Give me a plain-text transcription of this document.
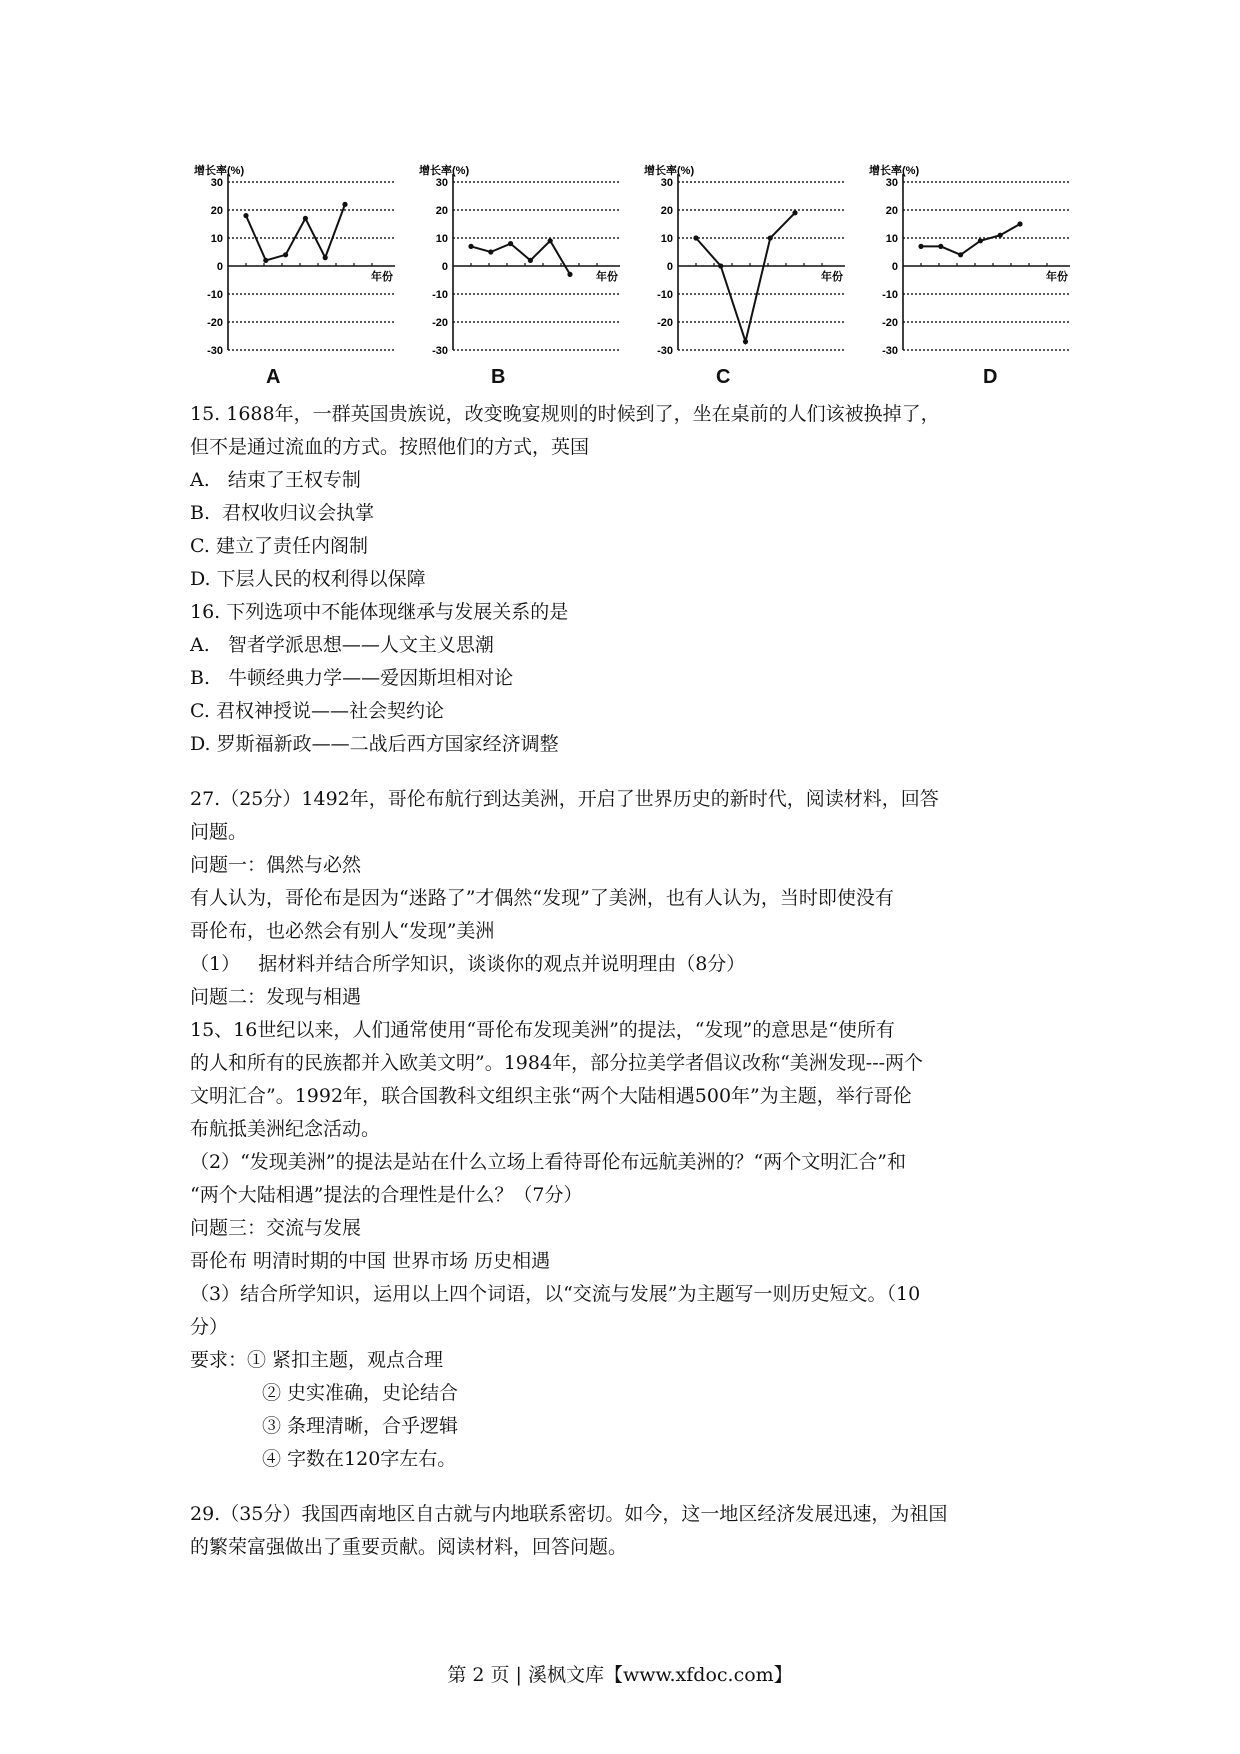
增长率(%)
30
20
10
0
-10
-20
-30
年份
A
增长率(%)
30
20
10
0
-10
-20
-30
年份
B
增长率(%)
30
20
10
0
-10
-20
-30
年份
C
增长率(%)
30
20
10
0
-10
-20
-30
年份
D
15. 1688年，一群英国贵族说，改变晚宴规则的时候到了，坐在桌前的人们该被换掉了，
但不是通过流血的方式。按照他们的方式，英国
A.   结束了王权专制
B.  君权收归议会执掌
C. 建立了责任内阁制
D. 下层人民的权利得以保障
16. 下列选项中不能体现继承与发展关系的是
A.   智者学派思想——人文主义思潮
B.   牛顿经典力学——爱因斯坦相对论
C. 君权神授说——社会契约论
D. 罗斯福新政——二战后西方国家经济调整
27.（25分）1492年，哥伦布航行到达美洲，开启了世界历史的新时代，阅读材料，回答
问题。
问题一：偶然与必然
有人认为，哥伦布是因为“迷路了”才偶然“发现”了美洲，也有人认为，当时即使没有
哥伦布，也必然会有别人“发现”美洲
（1）   据材料并结合所学知识，谈谈你的观点并说明理由（8分）
问题二：发现与相遇
15、16世纪以来，人们通常使用“哥伦布发现美洲”的提法，“发现”的意思是“使所有
的人和所有的民族都并入欧美文明”。1984年，部分拉美学者倡议改称“美洲发现---两个
文明汇合”。1992年，联合国教科文组织主张“两个大陆相遇500年”为主题，举行哥伦
布航抵美洲纪念活动。
（2）“发现美洲”的提法是站在什么立场上看待哥伦布远航美洲的？“两个文明汇合”和
“两个大陆相遇”提法的合理性是什么？（7分）
问题三：交流与发展
哥伦布 明清时期的中国 世界市场 历史相遇
（3）结合所学知识，运用以上四个词语，以“交流与发展”为主题写一则历史短文。（10
分）
要求：① 紧扣主题，观点合理
② 史实准确，史论结合
③ 条理清晰，合乎逻辑
④ 字数在120字左右。
29.（35分）我国西南地区自古就与内地联系密切。如今，这一地区经济发展迅速，为祖国
的繁荣富强做出了重要贡献。阅读材料，回答问题。
第 2 页 | 溪枫文库【www.xfdoc.com】
